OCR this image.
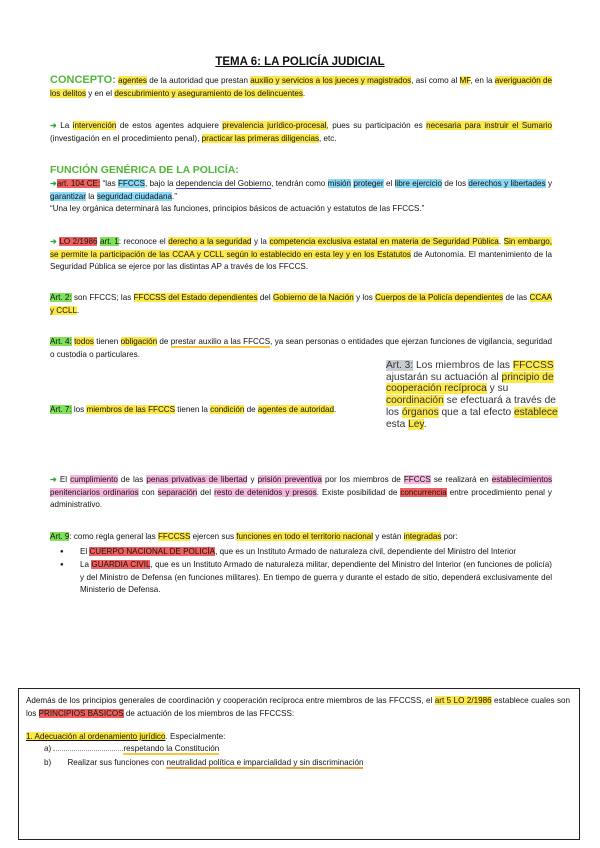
TEMA 6: LA POLICÍA JUDICIAL
CONCEPTO: agentes de la autoridad que prestan auxilio y servicios a los jueces y magistrados, así como al MF, en la averiguación de los delitos y en el descubrimiento y aseguramiento de los delincuentes.
➜ La intervención de estos agentes adquiere prevalencia jurídico-procesal, pues su participación es necesaria para instruir el Sumario (investigación en el procedimiento penal), practicar las primeras diligencias, etc.
FUNCIÓN GENÉRICA DE LA POLICÍA:
➜art. 104 CE: “las FFCCS, bajo la dependencia del Gobierno, tendrán como misión proteger el libre ejercicio de los derechos y libertades y garantizar la seguridad ciudadana.”
“Una ley orgánica determinará las funciones, principios básicos de actuación y estatutos de las FFCCS.”
➜ LO 2/1986 art. 1: reconoce el derecho a la seguridad y la competencia exclusiva estatal en materia de Seguridad Pública. Sin embargo, se permite la participación de las CCAA y CCLL según lo establecido en esta ley y en los Estatutos de Autonomía. El mantenimiento de la Seguridad Pública se ejerce por las distintas AP a través de los FFCCS.
Art. 2: son FFCCS; las FFCCSS del Estado dependientes del Gobierno de la Nación y los Cuerpos de la Policía dependientes de las CCAA y CCLL.
Art. 4: todos tienen obligación de prestar auxilio a las FFCCS, ya sean personas o entidades que ejerzan funciones de vigilancia, seguridad o custodia o particulares.
Art. 3: Los miembros de las FFCCSS ajustarán su actuación al principio de cooperación recíproca y su coordinación se efectuará a través de los órganos que a tal efecto establece esta Ley.
Art. 7: los miembros de las FFCCS tienen la condición de agentes de autoridad.
➜ El cumplimiento de las penas privativas de libertad y prisión preventiva por los miembros de FFCCS se realizará en establecimientos penitenciarios ordinarios con separación del resto de detenidos y presos. Existe posibilidad de concurrencia entre procedimiento penal y administrativo.
Art. 9: como regla general las FFCCSS ejercen sus funciones en todo el territorio nacional y están integradas por:
● El CUERPO NACIONAL DE POLICÍA, que es un Instituto Armado de naturaleza civil, dependiente del Ministro del Interior
● La GUARDIA CIVIL, que es un Instituto Armado de naturaleza militar, dependiente del Ministro del Interior (en funciones de policía) y del Ministro de Defensa (en funciones militares). En tiempo de guerra y durante el estado de sitio, dependerá exclusivamente del Ministerio de Defensa.
Además de los principios generales de coordinación y cooperación recíproca entre miembros de las FFCCSS, el art 5 LO 2/1986 establece cuales son los PRINCIPIOS BÁSICOS de actuación de los miembros de las FFCCSS:
1. Adecuación al ordenamiento jurídico. Especialmente:
a)	respetando la Constitución
b) Realizar sus funciones con neutralidad política e imparcialidad y sin discriminación
